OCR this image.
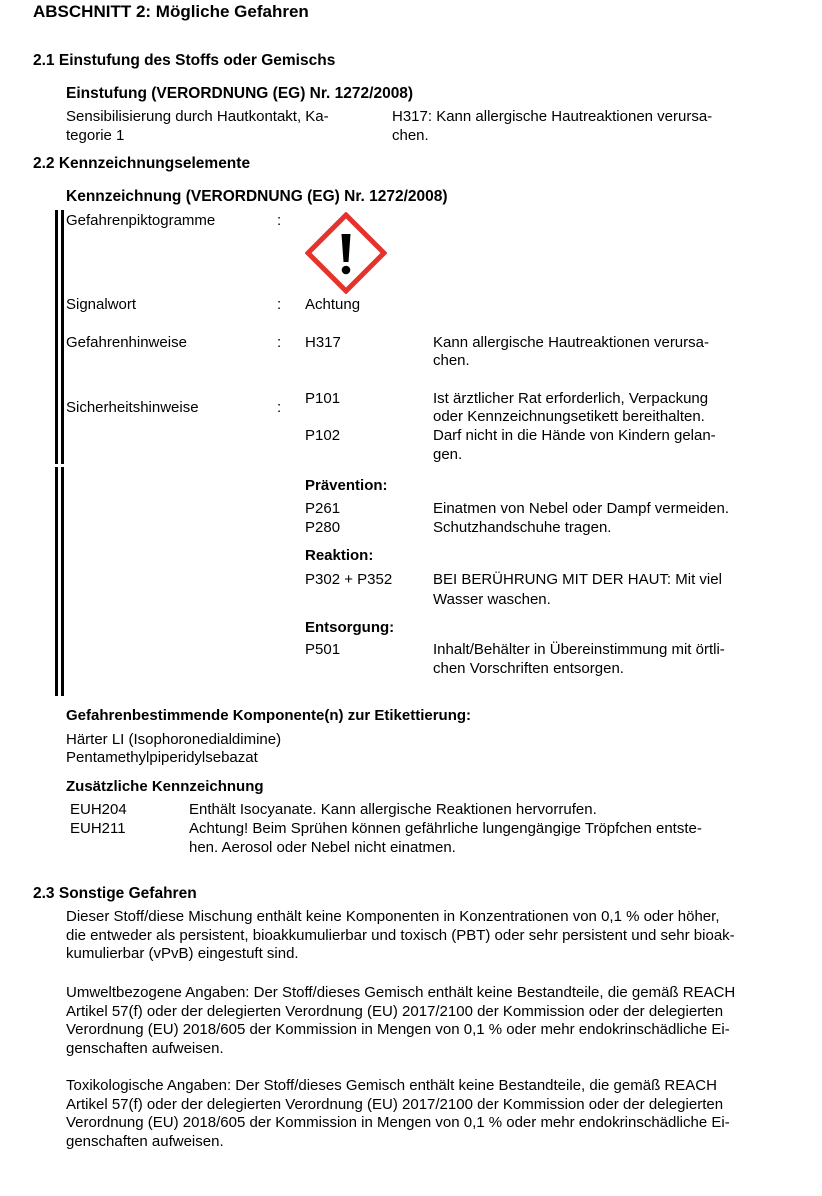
ABSCHNITT 2: Mögliche Gefahren
2.1 Einstufung des Stoffs oder Gemischs
Einstufung (VERORDNUNG (EG) Nr. 1272/2008)
Sensibilisierung durch Hautkontakt, Ka-
tegorie 1
H317: Kann allergische Hautreaktionen verursa-
chen.
2.2 Kennzeichnungselemente
Kennzeichnung (VERORDNUNG (EG) Nr. 1272/2008)
Gefahrenpiktogramme	:
Signalwort	: Achtung
Gefahrenhinweise	: H317	Kann allergische Hautreaktionen verursa-
chen.
Sicherheitshinweise	:
P101	Ist ärztlicher Rat erforderlich, Verpackung
oder Kennzeichnungsetikett bereithalten.
P102	Darf nicht in die Hände von Kindern gelan-
gen.
Prävention:
P261	Einatmen von Nebel oder Dampf vermeiden.
P280	Schutzhandschuhe tragen.
Reaktion:
P302 + P352	BEI BERÜHRUNG MIT DER HAUT: Mit viel
Wasser waschen.
Entsorgung:
P501	Inhalt/Behälter in Übereinstimmung mit örtli-
chen Vorschriften entsorgen.
Gefahrenbestimmende Komponente(n) zur Etikettierung:
Härter LI (Isophoronedialdimine)
Pentamethylpiperidylsebazat
Zusätzliche Kennzeichnung
EUH204	Enthält Isocyanate. Kann allergische Reaktionen hervorrufen.
EUH211	Achtung! Beim Sprühen können gefährliche lungengängige Tröpfchen entste-
hen. Aerosol oder Nebel nicht einatmen.
2.3 Sonstige Gefahren
Dieser Stoff/diese Mischung enthält keine Komponenten in Konzentrationen von 0,1 % oder höher,
die entweder als persistent, bioakkumulierbar und toxisch (PBT) oder sehr persistent und sehr bioak-
kumulierbar (vPvB) eingestuft sind.
Umweltbezogene Angaben: Der Stoff/dieses Gemisch enthält keine Bestandteile, die gemäß REACH
Artikel 57(f) oder der delegierten Verordnung (EU) 2017/2100 der Kommission oder der delegierten
Verordnung (EU) 2018/605 der Kommission in Mengen von 0,1 % oder mehr endokrinschädliche Ei-
genschaften aufweisen.
Toxikologische Angaben: Der Stoff/dieses Gemisch enthält keine Bestandteile, die gemäß REACH
Artikel 57(f) oder der delegierten Verordnung (EU) 2017/2100 der Kommission oder der delegierten
Verordnung (EU) 2018/605 der Kommission in Mengen von 0,1 % oder mehr endokrinschädliche Ei-
genschaften aufweisen.
